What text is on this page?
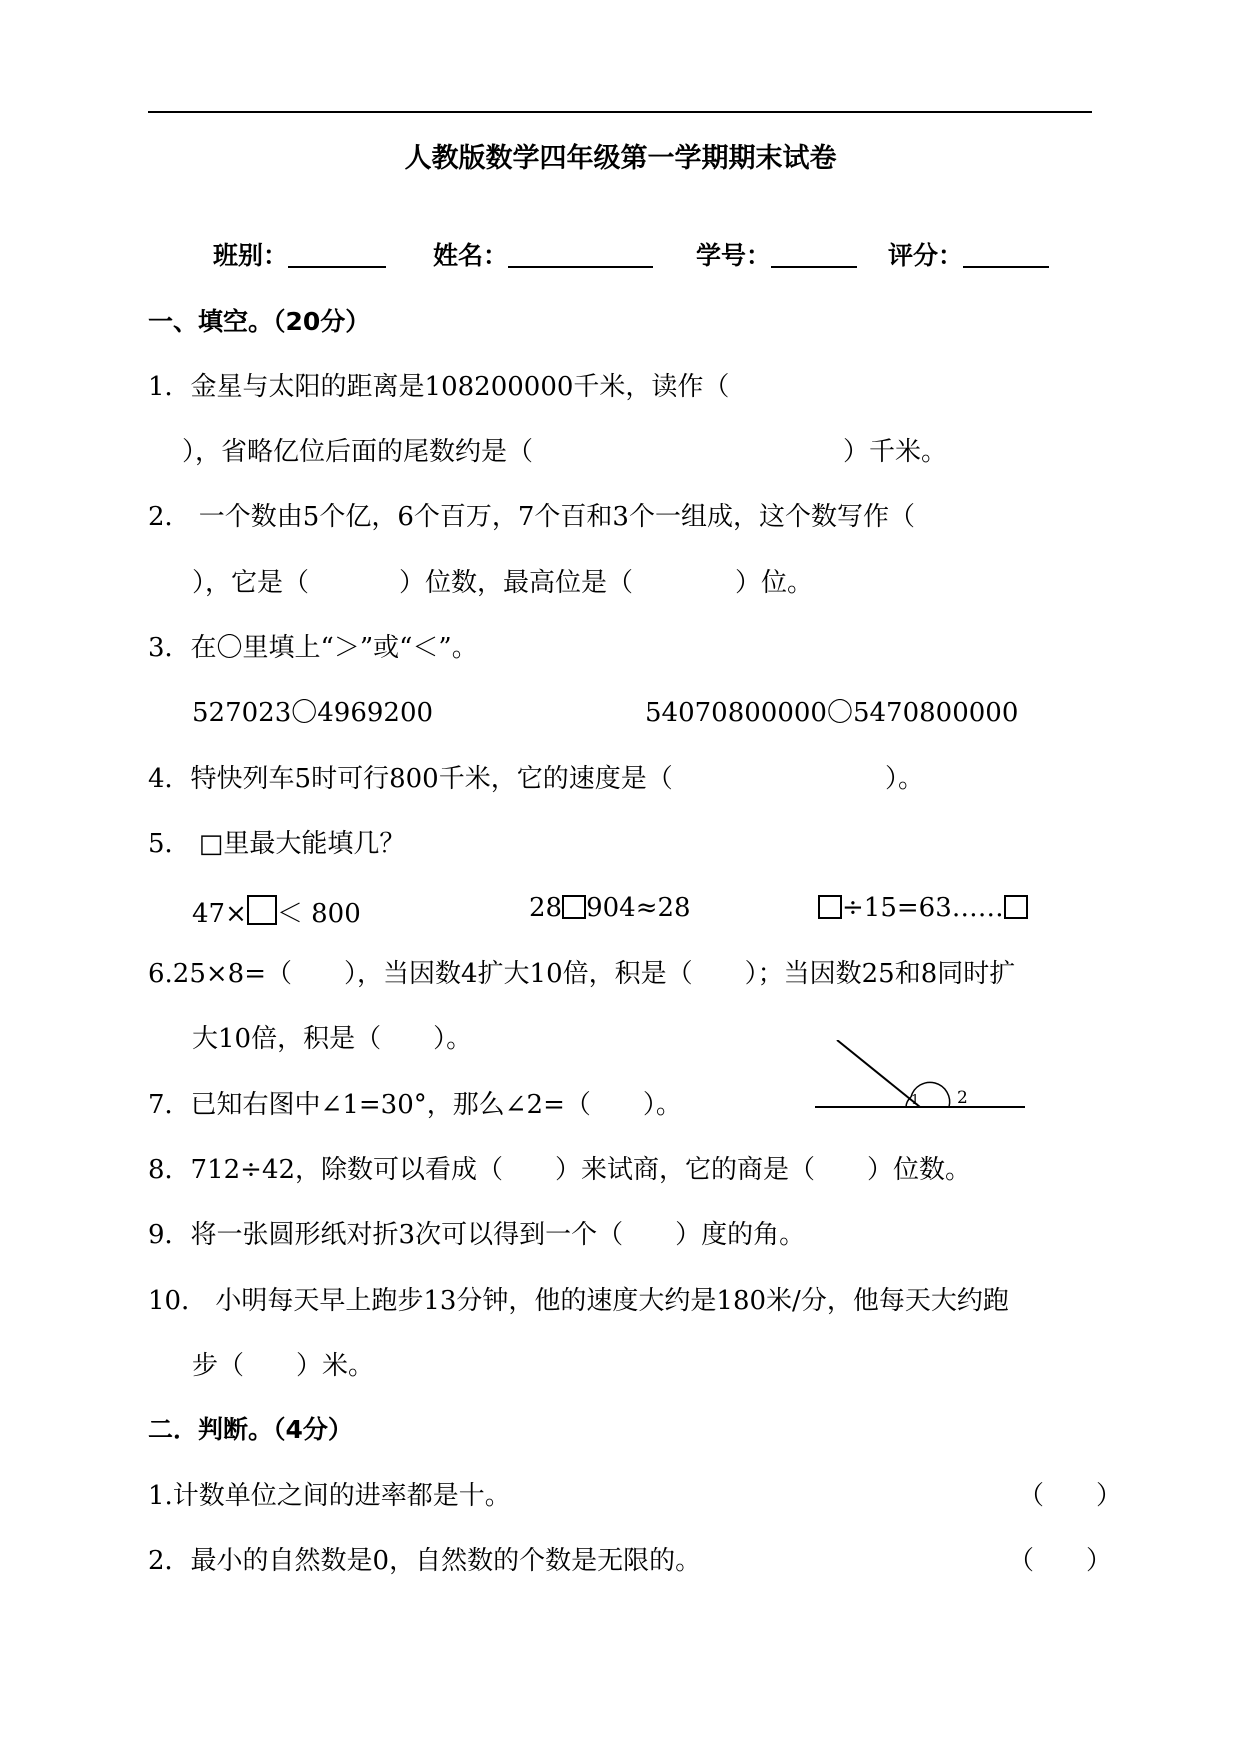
人教版数学四年级第一学期期末试卷
班别：	姓名：	学号：	评分：
一、填空。（20分）
1．金星与太阳的距离是108200000千米，读作（
），省略亿位后面的尾数约是（	）千米。
2． 一个数由5个亿，6个百万，7个百和3个一组成，这个数写作（
），它是（	）位数，最高位是（	）位。
3．在〇里填上“＞”或“＜”。
527023〇4969200	54070800000〇5470800000
4．特快列车5时可行800千米，它的速度是（	）。
5． □里最大能填几？
47× ＜ 800	28 904≈28	÷15=63……
6.25×8=（　　），当因数4扩大10倍，积是（　　）；当因数25和8同时扩
大10倍，积是（　　）。
7．已知右图中∠1=30°，那么∠2=（　　）。	1 2
8．712÷42，除数可以看成（　　）来试商，它的商是（　　）位数。
9．将一张圆形纸对折3次可以得到一个（　　）度的角。
10． 小明每天早上跑步13分钟，他的速度大约是180米/分，他每天大约跑
步（　　）米。
二．判断。（4分）
1.计数单位之间的进率都是十。	（　　）
2．最小的自然数是0，自然数的个数是无限的。	（　　）
